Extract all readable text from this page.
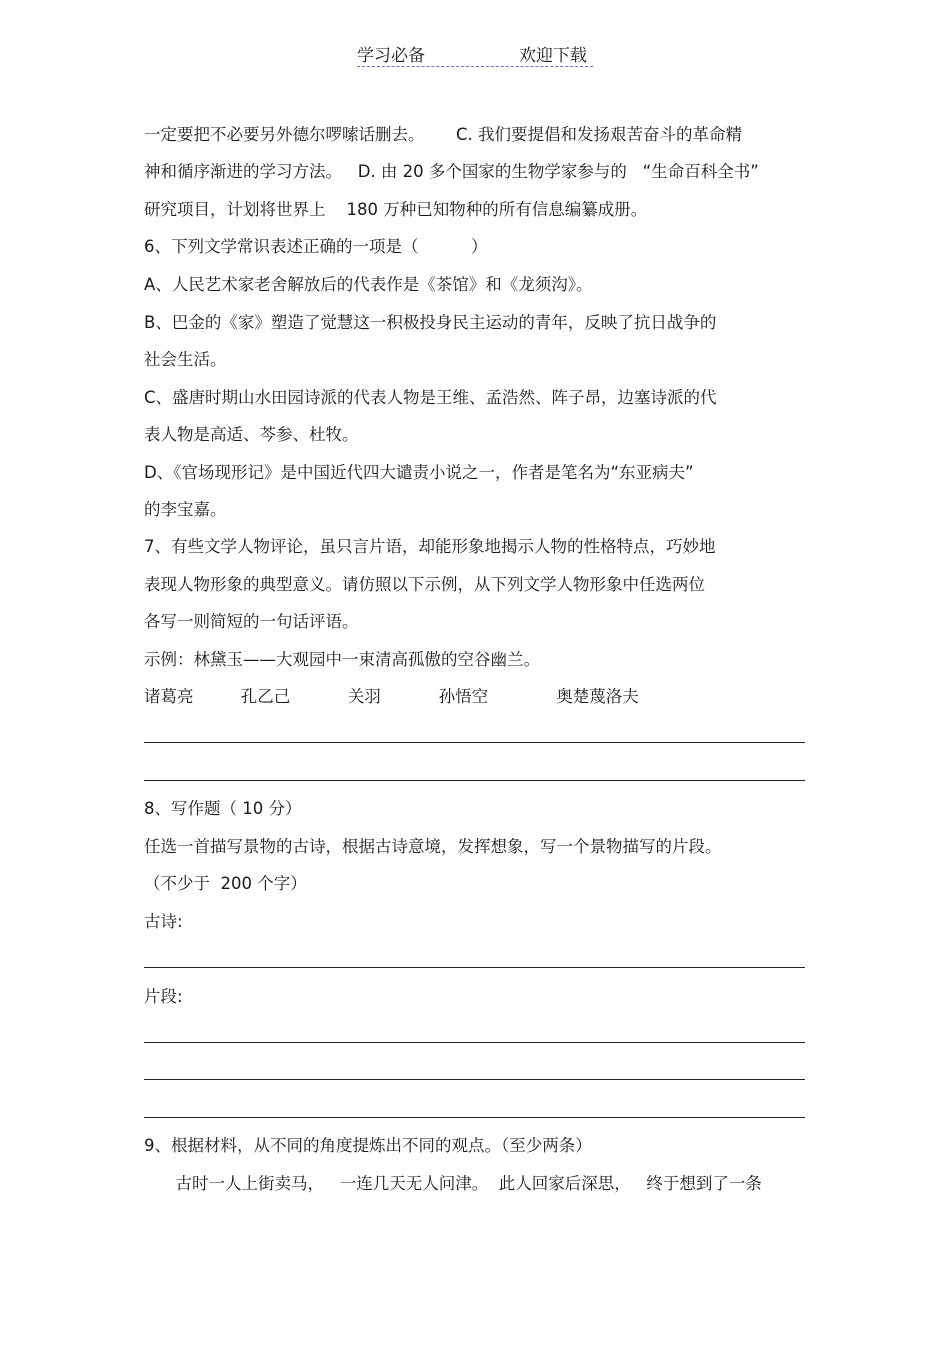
学习必备	欢迎下载
一定要把不必要另外德尔啰嗦话删去。      C. 我们要提倡和发扬艰苦奋斗的革命精
神和循序渐进的学习方法。   D. 由 20 多个国家的生物学家参与的   “生命百科全书”
研究项目，计划将世界上    180 万种已知物种的所有信息编纂成册。
6、下列文学常识表述正确的一项是（          ）
A、人民艺术家老舍解放后的代表作是《茶馆》和《龙须沟》。
B、巴金的《家》塑造了觉慧这一积极投身民主运动的青年，反映了抗日战争的
社会生活。
C、盛唐时期山水田园诗派的代表人物是王维、孟浩然、阵子昂，边塞诗派的代
表人物是高适、芩参、杜牧。
D、《官场现形记》是中国近代四大谴责小说之一，作者是笔名为“东亚病夫”
的李宝嘉。
7、有些文学人物评论，虽只言片语，却能形象地揭示人物的性格特点，巧妙地
表现人物形象的典型意义。请仿照以下示例，从下列文学人物形象中任选两位
各写一则简短的一句话评语。
示例：林黛玉——大观园中一束清高孤傲的空谷幽兰。
诸葛亮         孔乙己           关羽           孙悟空             奥楚蔑洛夫
8、写作题（ 10 分）
任选一首描写景物的古诗，根据古诗意境，发挥想象，写一个景物描写的片段。
（不少于  200 个字）
古诗:
片段:
9、根据材料，从不同的角度提炼出不同的观点。（至少两条）
古时一人上街卖马，   一连几天无人问津。  此人回家后深思，   终于想到了一条
